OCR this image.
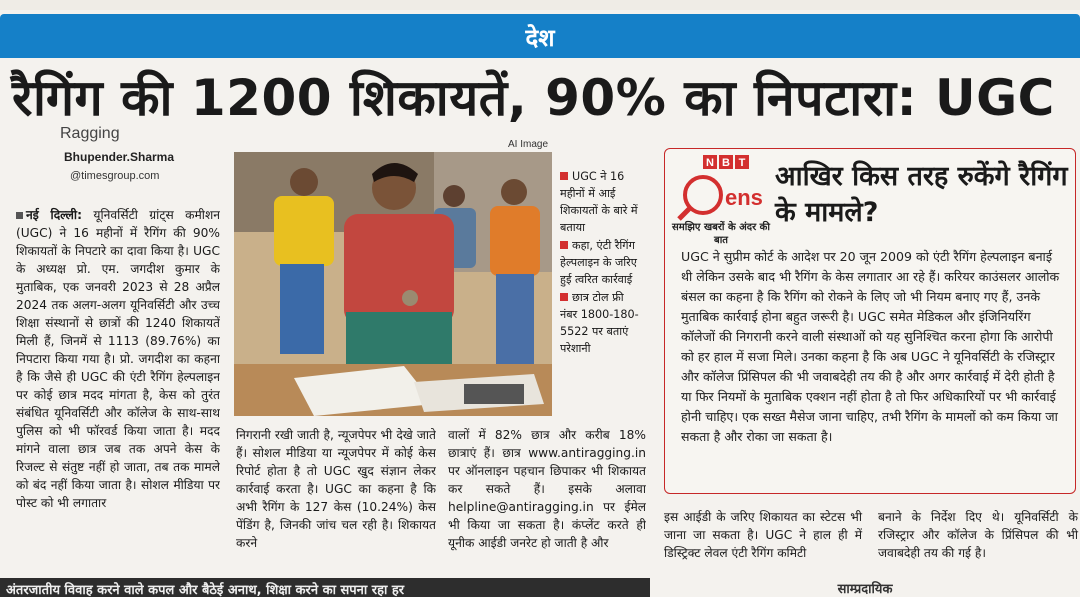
देश
रैगिंग की 1200 शिकायतें, 90% का निपटारा: UGC
Ragging
Bhupender.Sharma
@timesgroup.com
AI Image
नई दिल्ली: यूनिवर्सिटी ग्रांट्स कमीशन (UGC) ने 16 महीनों में रैगिंग की 90% शिकायतों के निपटारे का दावा किया है। UGC के अध्यक्ष प्रो. एम. जगदीश कुमार के मुताबिक, एक जनवरी 2023 से 28 अप्रैल 2024 तक अलग-अलग यूनिवर्सिटी और उच्च शिक्षा संस्थानों से छात्रों की 1240 शिकायतें मिली हैं, जिनमें से 1113 (89.76%) का निपटारा किया गया है। प्रो. जगदीश का कहना है कि जैसे ही UGC की एंटी रैगिंग हेल्पलाइन पर कोई छात्र मदद मांगता है, केस को तुरंत संबंधित यूनिवर्सिटी और कॉलेज के साथ-साथ पुलिस को भी फॉरवर्ड किया जाता है। मदद मांगने वाला छात्र जब तक अपने केस के रिजल्ट से संतुष्ट नहीं हो जाता, तब तक मामले को बंद नहीं किया जाता है। सोशल मीडिया पर पोस्ट को भी लगातार
UGC ने 16 महीनों में आई शिकायतों के बारे में बताया
कहा, एंटी रैगिंग हेल्पलाइन के जरिए हुई त्वरित कार्रवाई
छात्र टोल फ्री नंबर 1800-180-5522 पर बताएं परेशानी
निगरानी रखी जाती है, न्यूजपेपर भी देखे जाते हैं। सोशल मीडिया या न्यूजपेपर में कोई केस रिपोर्ट होता है तो UGC खुद संज्ञान लेकर कार्रवाई करता है। UGC का कहना है कि अभी रैगिंग के 127 केस (10.24%) केस पेंडिंग है, जिनकी जांच चल रही है। शिकायत करने
वालों में 82% छात्र और करीब 18% छात्राएं हैं। छात्र www.antiragging.in पर ऑनलाइन पहचान छिपाकर भी शिकायत कर सकते हैं। इसके अलावा helpline@antiragging.in पर ईमेल भी किया जा सकता है। कंप्लेंट करते ही यूनीक आईडी जनरेट हो जाती है और
N B T
ens
समझिए खबरों के अंदर की बात
आखिर किस तरह रुकेंगे रैगिंग के मामले?
UGC ने सुप्रीम कोर्ट के आदेश पर 20 जून 2009 को एंटी रैगिंग हेल्पलाइन बनाई थी लेकिन उसके बाद भी रैगिंग के केस लगातार आ रहे हैं। करियर काउंसलर आलोक बंसल का कहना है कि रैगिंग को रोकने के लिए जो भी नियम बनाए गए हैं, उनके मुताबिक कार्रवाई होना बहुत जरूरी है। UGC समेत मेडिकल और इंजिनियरिंग कॉलेजों की निगरानी करने वाली संस्थाओं को यह सुनिश्चित करना होगा कि आरोपी को हर हाल में सजा मिले। उनका कहना है कि अब UGC ने यूनिवर्सिटी के रजिस्ट्रार और कॉलेज प्रिंसिपल की भी जवाबदेही तय की है और अगर कार्रवाई में देरी होती है या फिर नियमों के मुताबिक एक्शन नहीं होता है तो फिर अधिकारियों पर भी कार्रवाई होनी चाहिए। एक सख्त मैसेज जाना चाहिए, तभी रैगिंग के मामलों को कम किया जा सकता है और रोका जा सकता है।
इस आईडी के जरिए शिकायत का स्टेटस भी जाना जा सकता है। UGC ने हाल ही में डिस्ट्रिक्ट लेवल एंटी रैगिंग कमिटी
बनाने के निर्देश दिए थे। यूनिवर्सिटी के रजिस्ट्रार और कॉलेज के प्रिंसिपल की भी जवाबदेही तय की गई है।
अंतरजातीय विवाह करने वाले कपल और बैठेई अनाथ, शिक्षा करने का सपना रहा हर	साम्प्रदायिक
